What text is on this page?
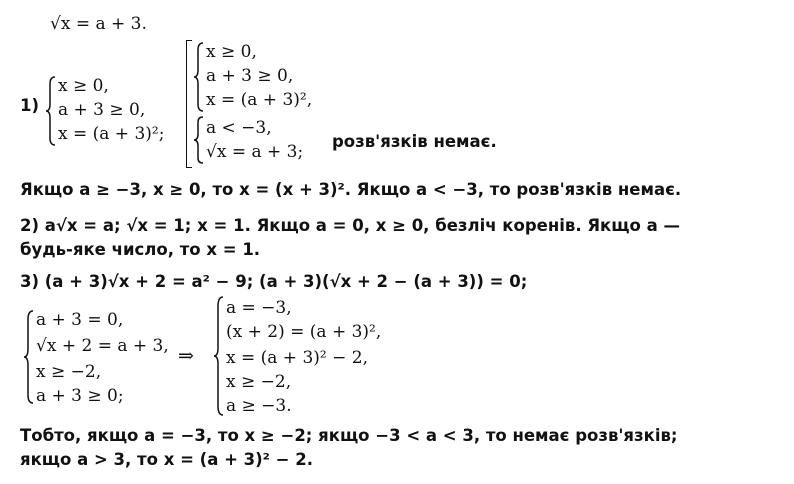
√x = a + 3.
1)
x ≥ 0,
a + 3 ≥ 0,
x = (a + 3)²;
x ≥ 0,
a + 3 ≥ 0,
x = (a + 3)²,
a < −3,
√x = a + 3;
розв'язків немає.
Якщо a ≥ −3, x ≥ 0, то x = (x + 3)². Якщо a < −3, то розв'язків немає.
2) a√x = a; √x = 1; x = 1. Якщо a = 0, x ≥ 0, безліч коренів. Якщо a —
будь-яке число, то x = 1.
3) (a + 3)√x + 2 = a² − 9; (a + 3)(√x + 2 − (a + 3)) = 0;
a + 3 = 0,
√x + 2 = a + 3,
x ≥ −2,
a + 3 ≥ 0;
⇒
a = −3,
(x + 2) = (a + 3)²,
x = (a + 3)² − 2,
x ≥ −2,
a ≥ −3.
Тобто, якщо a = −3, то x ≥ −2; якщо −3 < a < 3, то немає розв'язків;
якщо a > 3, то x = (a + 3)² − 2.
